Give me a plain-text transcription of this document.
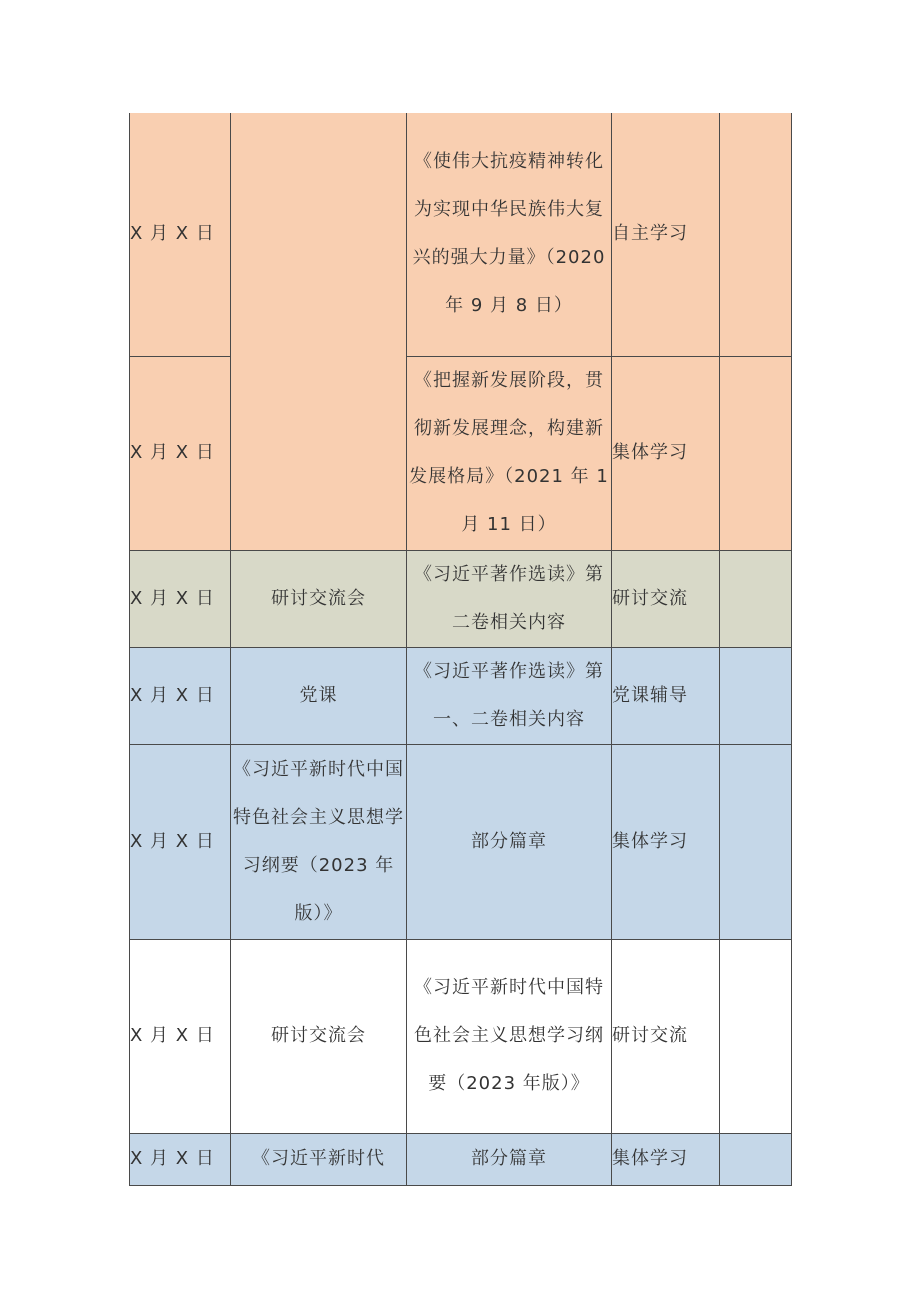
X 月 X 日		《使伟大抗疫精神转化为实现中华民族伟大复兴的强大力量》（2020 年 9 月 8 日）	自主学习	
X 月 X 日		《把握新发展阶段，贯彻新发展理念，构建新发展格局》（2021 年 1 月 11 日）	集体学习	
X 月 X 日	研讨交流会	《习近平著作选读》第二卷相关内容	研讨交流	
X 月 X 日	党课	《习近平著作选读》第一、二卷相关内容	党课辅导	
X 月 X 日	《习近平新时代中国特色社会主义思想学习纲要（2023 年版）》	部分篇章	集体学习	
X 月 X 日	研讨交流会	《习近平新时代中国特色社会主义思想学习纲要（2023 年版）》	研讨交流	
X 月 X 日	《习近平新时代	部分篇章	集体学习	
